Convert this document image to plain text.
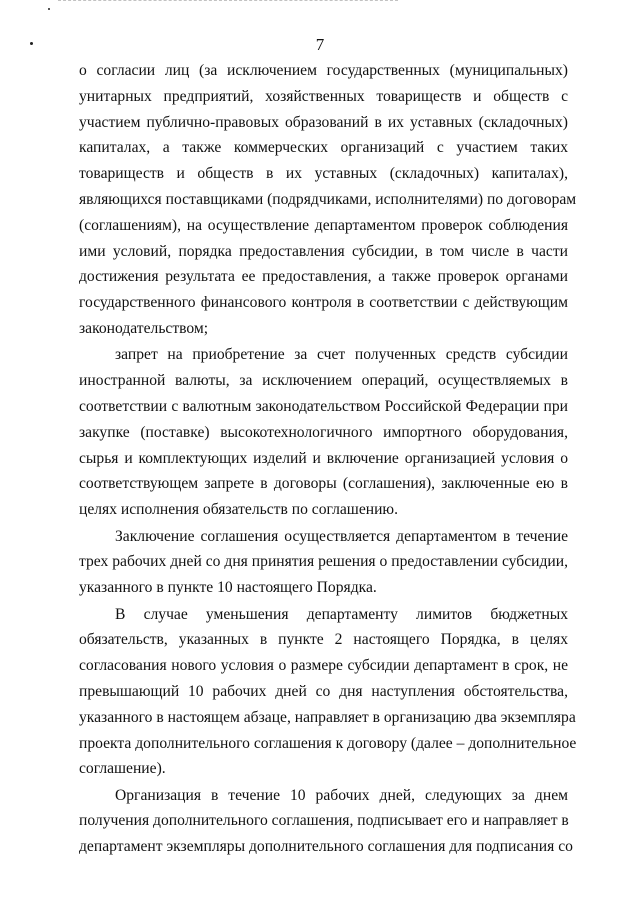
7
о согласии лиц (за исключением государственных (муниципальных)
унитарных предприятий, хозяйственных товариществ и обществ с
участием публично-правовых образований в их уставных (складочных)
капиталах, а также коммерческих организаций с участием таких
товариществ и обществ в их уставных (складочных) капиталах),
являющихся поставщиками (подрядчиками, исполнителями) по договорам
(соглашениям), на осуществление департаментом проверок соблюдения
ими условий, порядка предоставления субсидии, в том числе в части
достижения результата ее предоставления, а также проверок органами
государственного финансового контроля в соответствии с действующим
законодательством;
запрет на приобретение за счет полученных средств субсидии
иностранной валюты, за исключением операций, осуществляемых в
соответствии с валютным законодательством Российской Федерации при
закупке (поставке) высокотехнологичного импортного оборудования,
сырья и комплектующих изделий и включение организацией условия о
соответствующем запрете в договоры (соглашения), заключенные ею в
целях исполнения обязательств по соглашению.
Заключение соглашения осуществляется департаментом в течение
трех рабочих дней со дня принятия решения о предоставлении субсидии,
указанного в пункте 10 настоящего Порядка.
В случае уменьшения департаменту лимитов бюджетных
обязательств, указанных в пункте 2 настоящего Порядка, в целях
согласования нового условия о размере субсидии департамент в срок, не
превышающий 10 рабочих дней со дня наступления обстоятельства,
указанного в настоящем абзаце, направляет в организацию два экземпляра
проекта дополнительного соглашения к договору (далее – дополнительное
соглашение).
Организация в течение 10 рабочих дней, следующих за днем
получения дополнительного соглашения, подписывает его и направляет в
департамент экземпляры дополнительного соглашения для подписания со
